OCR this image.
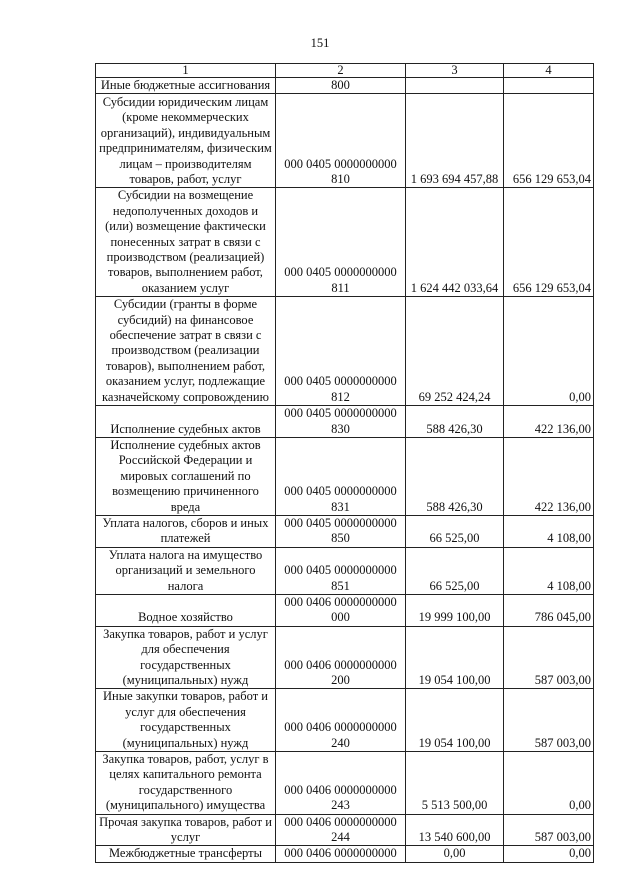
151
1	2	3	4
Иные бюджетные ассигнования	800		
Субсидии юридическим лицам (кроме некоммерческих организаций), индивидуальным предпринимателям, физическим лицам – производителям товаров, работ, услуг	000 0405 0000000000 810	1 693 694 457,88	656 129 653,04
Субсидии на возмещение недополученных доходов и (или) возмещение фактически понесенных затрат в связи с производством (реализацией) товаров, выполнением работ, оказанием услуг	000 0405 0000000000 811	1 624 442 033,64	656 129 653,04
Субсидии (гранты в форме субсидий) на финансовое обеспечение затрат в связи с производством (реализации товаров), выполнением работ, оказанием услуг, подлежащие казначейскому сопровождению	000 0405 0000000000 812	69 252 424,24	0,00
Исполнение судебных актов	000 0405 0000000000 830	588 426,30	422 136,00
Исполнение судебных актов Российской Федерации и мировых соглашений по возмещению причиненного вреда	000 0405 0000000000 831	588 426,30	422 136,00
Уплата налогов, сборов и иных платежей	000 0405 0000000000 850	66 525,00	4 108,00
Уплата налога на имущество организаций и земельного налога	000 0405 0000000000 851	66 525,00	4 108,00
Водное хозяйство	000 0406 0000000000 000	19 999 100,00	786 045,00
Закупка товаров, работ и услуг для обеспечения государственных (муниципальных) нужд	000 0406 0000000000 200	19 054 100,00	587 003,00
Иные закупки товаров, работ и услуг для обеспечения государственных (муниципальных) нужд	000 0406 0000000000 240	19 054 100,00	587 003,00
Закупка товаров, работ, услуг в целях капитального ремонта государственного (муниципального) имущества	000 0406 0000000000 243	5 513 500,00	0,00
Прочая закупка товаров, работ и услуг	000 0406 0000000000 244	13 540 600,00	587 003,00
Межбюджетные трансферты	000 0406 0000000000	0,00	0,00
